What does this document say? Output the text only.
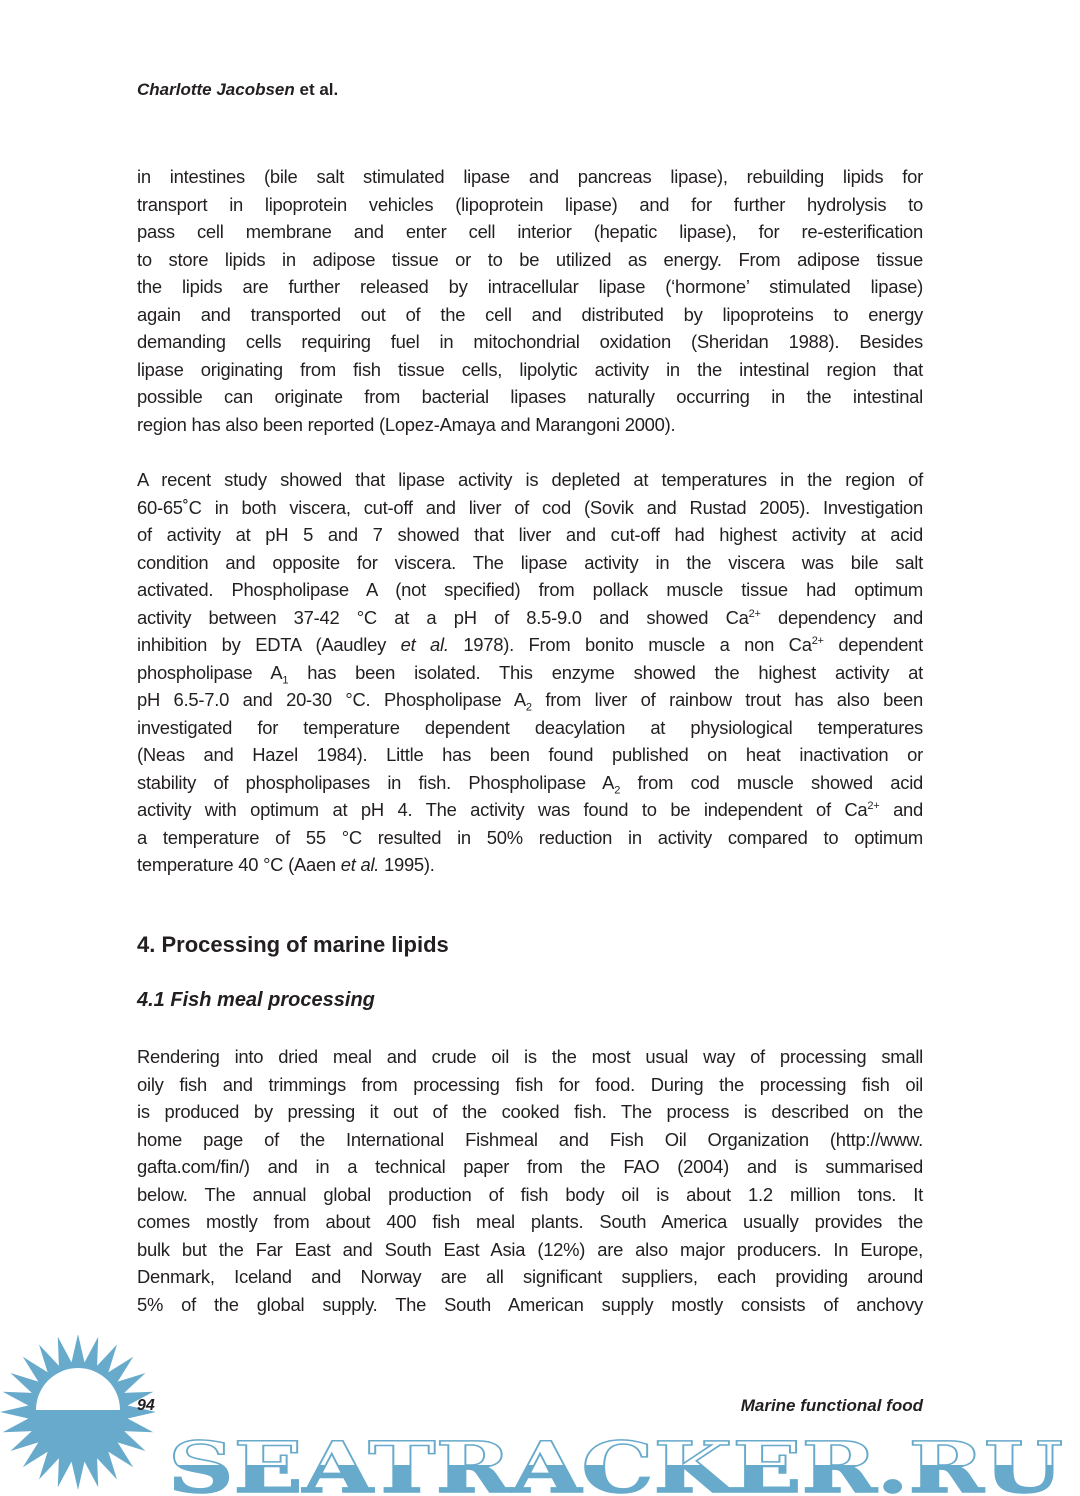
Charlotte Jacobsen et al.
in intestines (bile salt stimulated lipase and pancreas lipase), rebuilding lipids for
transport in lipoprotein vehicles (lipoprotein lipase) and for further hydrolysis to
pass cell membrane and enter cell interior (hepatic lipase), for re-esterification
to store lipids in adipose tissue or to be utilized as energy. From adipose tissue
the lipids are further released by intracellular lipase (‘hormone’ stimulated lipase)
again and transported out of the cell and distributed by lipoproteins to energy
demanding cells requiring fuel in mitochondrial oxidation (Sheridan 1988). Besides
lipase originating from fish tissue cells, lipolytic activity in the intestinal region that
possible can originate from bacterial lipases naturally occurring in the intestinal
region has also been reported (Lopez-Amaya and Marangoni 2000).
A recent study showed that lipase activity is depleted at temperatures in the region of
60-65˚C in both viscera, cut-off and liver of cod (Sovik and Rustad 2005). Investigation
of activity at pH 5 and 7 showed that liver and cut-off had highest activity at acid
condition and opposite for viscera. The lipase activity in the viscera was bile salt
activated. Phospholipase A (not specified) from pollack muscle tissue had optimum
activity between 37-42 °C at a pH of 8.5-9.0 and showed $Ca^{2+}$ dependency and
inhibition by EDTA (Aaudley et al. 1978). From bonito muscle a non $Ca^{2+}$ dependent
phospholipase $A_1$ has been isolated. This enzyme showed the highest activity at
pH 6.5-7.0 and 20-30 °C. Phospholipase $A_2$ from liver of rainbow trout has also been
investigated for temperature dependent deacylation at physiological temperatures
(Neas and Hazel 1984). Little has been found published on heat inactivation or
stability of phospholipases in fish. Phospholipase $A_2$ from cod muscle showed acid
activity with optimum at pH 4. The activity was found to be independent of $Ca^{2+}$ and
a temperature of 55 °C resulted in 50% reduction in activity compared to optimum
temperature 40 °C (Aaen et al. 1995).
4. Processing of marine lipids
4.1 Fish meal processing
Rendering into dried meal and crude oil is the most usual way of processing small
oily fish and trimmings from processing fish for food. During the processing fish oil
is produced by pressing it out of the cooked fish. The process is described on the
home page of the International Fishmeal and Fish Oil Organization (http://www.
gafta.com/fin/) and in a technical paper from the FAO (2004) and is summarised
below. The annual global production of fish body oil is about 1.2 million tons. It
comes mostly from about 400 fish meal plants. South America usually provides the
bulk but the Far East and South East Asia (12%) are also major producers. In Europe,
Denmark, Iceland and Norway are all significant suppliers, each providing around
5% of the global supply. The South American supply mostly consists of anchovy
SEATRACKER.RU
94	Marine functional food
